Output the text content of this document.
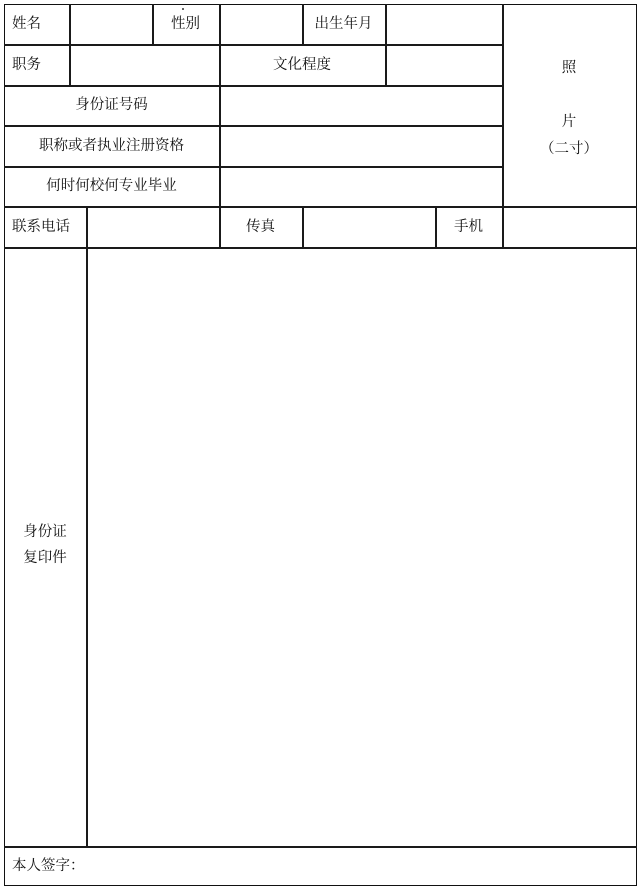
姓名	性别	出生年月
职务	文化程度
身份证号码
职称或者执业注册资格
何时何校何专业毕业
照
片
（二寸）
联系电话	传真	手机
身份证
复印件
本人签字：
